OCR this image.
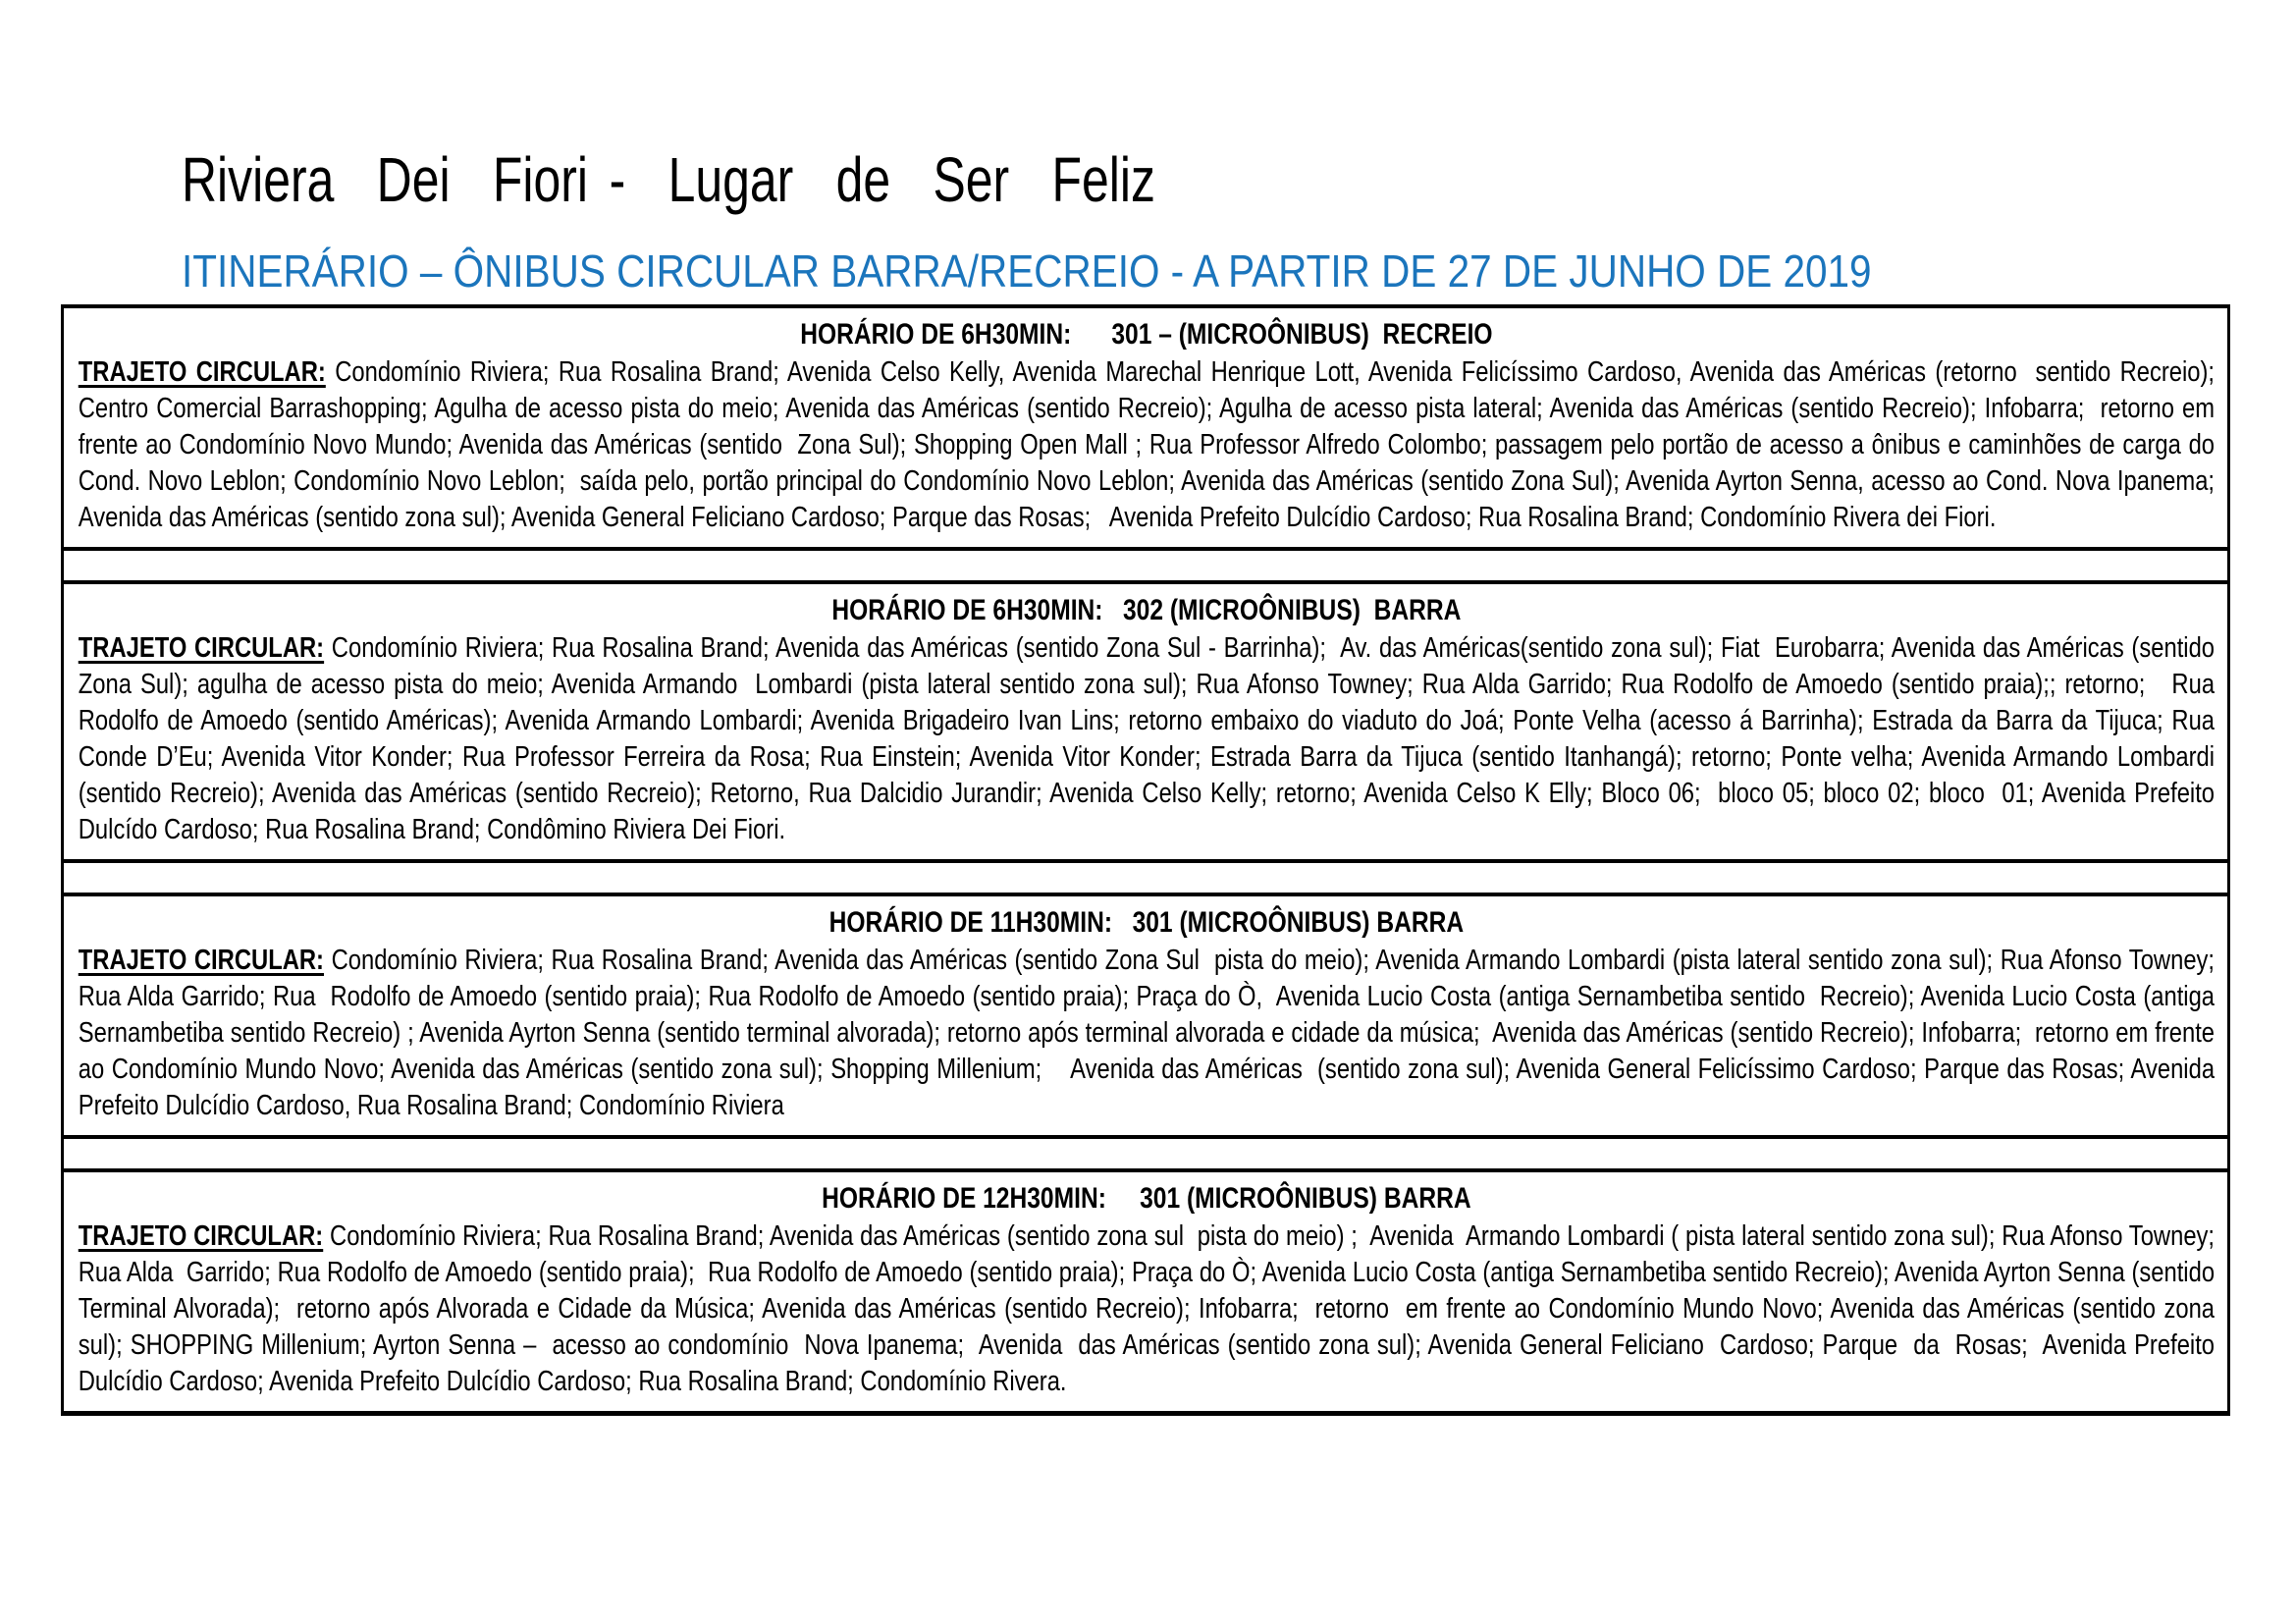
Riviera  Dei  Fiori -  Lugar  de  Ser  Feliz
ITINERÁRIO – ÔNIBUS CIRCULAR BARRA/RECREIO - A PARTIR DE 27 DE JUNHO DE 2019
HORÁRIO DE 6H30MIN:      301 – (MICROÔNIBUS)  RECREIO

TRAJETO CIRCULAR: Condomínio Riviera; Rua Rosalina Brand; Avenida Celso Kelly, Avenida Marechal Henrique Lott, Avenida Felicíssimo Cardoso, Avenida das Américas (retorno  sentido Recreio);  Centro Comercial Barrashopping; Agulha de acesso pista do meio; Avenida das Américas (sentido Recreio); Agulha de acesso pista lateral; Avenida das Américas (sentido Recreio); Infobarra;  retorno em frente ao Condomínio Novo Mundo; Avenida das Américas (sentido  Zona Sul); Shopping Open Mall ; Rua Professor Alfredo Colombo; passagem pelo portão de acesso a ônibus e caminhões de carga do Cond. Novo Leblon; Condomínio Novo Leblon;  saída pelo, portão principal do Condomínio Novo Leblon; Avenida das Américas (sentido Zona Sul); Avenida Ayrton Senna, acesso ao Cond. Nova Ipanema; Avenida das Américas (sentido zona sul); Avenida General Feliciano Cardoso; Parque das Rosas;   Avenida Prefeito Dulcídio Cardoso; Rua Rosalina Brand; Condomínio Rivera dei Fiori.

HORÁRIO DE 6H30MIN:   302 (MICROÔNIBUS)  BARRA

TRAJETO CIRCULAR: Condomínio Riviera; Rua Rosalina Brand; Avenida das Américas (sentido Zona Sul - Barrinha);  Av. das Américas(sentido zona sul); Fiat  Eurobarra; Avenida das Américas (sentido Zona Sul); agulha de acesso pista do meio; Avenida Armando  Lombardi (pista lateral sentido zona sul); Rua Afonso Towney; Rua Alda Garrido; Rua Rodolfo de Amoedo (sentido praia);; retorno;   Rua Rodolfo de Amoedo (sentido Américas); Avenida Armando Lombardi; Avenida Brigadeiro Ivan Lins; retorno embaixo do viaduto do Joá; Ponte Velha (acesso á Barrinha); Estrada da Barra da Tijuca; Rua Conde D’Eu; Avenida Vitor Konder; Rua Professor Ferreira da Rosa; Rua Einstein; Avenida Vitor Konder; Estrada Barra da Tijuca (sentido Itanhangá); retorno; Ponte velha; Avenida Armando Lombardi (sentido Recreio); Avenida das Américas (sentido Recreio); Retorno, Rua Dalcidio Jurandir; Avenida Celso Kelly; retorno; Avenida Celso K Elly; Bloco 06;  bloco 05; bloco 02; bloco  01; Avenida Prefeito Dulcído Cardoso; Rua Rosalina Brand; Condômino Riviera Dei Fiori.

HORÁRIO DE 11H30MIN:   301 (MICROÔNIBUS) BARRA

TRAJETO CIRCULAR: Condomínio Riviera; Rua Rosalina Brand; Avenida das Américas (sentido Zona Sul  pista do meio); Avenida Armando Lombardi (pista lateral sentido zona sul); Rua Afonso Towney; Rua Alda Garrido; Rua  Rodolfo de Amoedo (sentido praia); Rua Rodolfo de Amoedo (sentido praia); Praça do Ò,  Avenida Lucio Costa (antiga Sernambetiba sentido  Recreio); Avenida Lucio Costa (antiga Sernambetiba sentido Recreio) ; Avenida Ayrton Senna (sentido terminal alvorada); retorno após terminal alvorada e cidade da música;  Avenida das Américas (sentido Recreio); Infobarra;  retorno em frente ao Condomínio Mundo Novo; Avenida das Américas (sentido zona sul); Shopping Millenium;    Avenida das Américas  (sentido zona sul); Avenida General Felicíssimo Cardoso; Parque das Rosas; Avenida Prefeito Dulcídio Cardoso, Rua Rosalina Brand; Condomínio Riviera

HORÁRIO DE 12H30MIN:     301 (MICROÔNIBUS) BARRA

TRAJETO CIRCULAR: Condomínio Riviera; Rua Rosalina Brand; Avenida das Américas (sentido zona sul  pista do meio) ;  Avenida  Armando Lombardi ( pista lateral sentido zona sul); Rua Afonso Towney; Rua Alda  Garrido; Rua Rodolfo de Amoedo (sentido praia);  Rua Rodolfo de Amoedo (sentido praia); Praça do Ò; Avenida Lucio Costa (antiga Sernambetiba sentido Recreio); Avenida Ayrton Senna (sentido Terminal Alvorada);  retorno após Alvorada e Cidade da Música; Avenida das Américas (sentido Recreio); Infobarra;  retorno  em frente ao Condomínio Mundo Novo; Avenida das Américas (sentido zona  sul); SHOPPING Millenium; Ayrton Senna –  acesso ao condomínio  Nova Ipanema;  Avenida  das Américas (sentido zona sul); Avenida General Feliciano  Cardoso; Parque  da  Rosas;  Avenida Prefeito Dulcídio Cardoso; Avenida Prefeito Dulcídio Cardoso; Rua Rosalina Brand; Condomínio Rivera.
